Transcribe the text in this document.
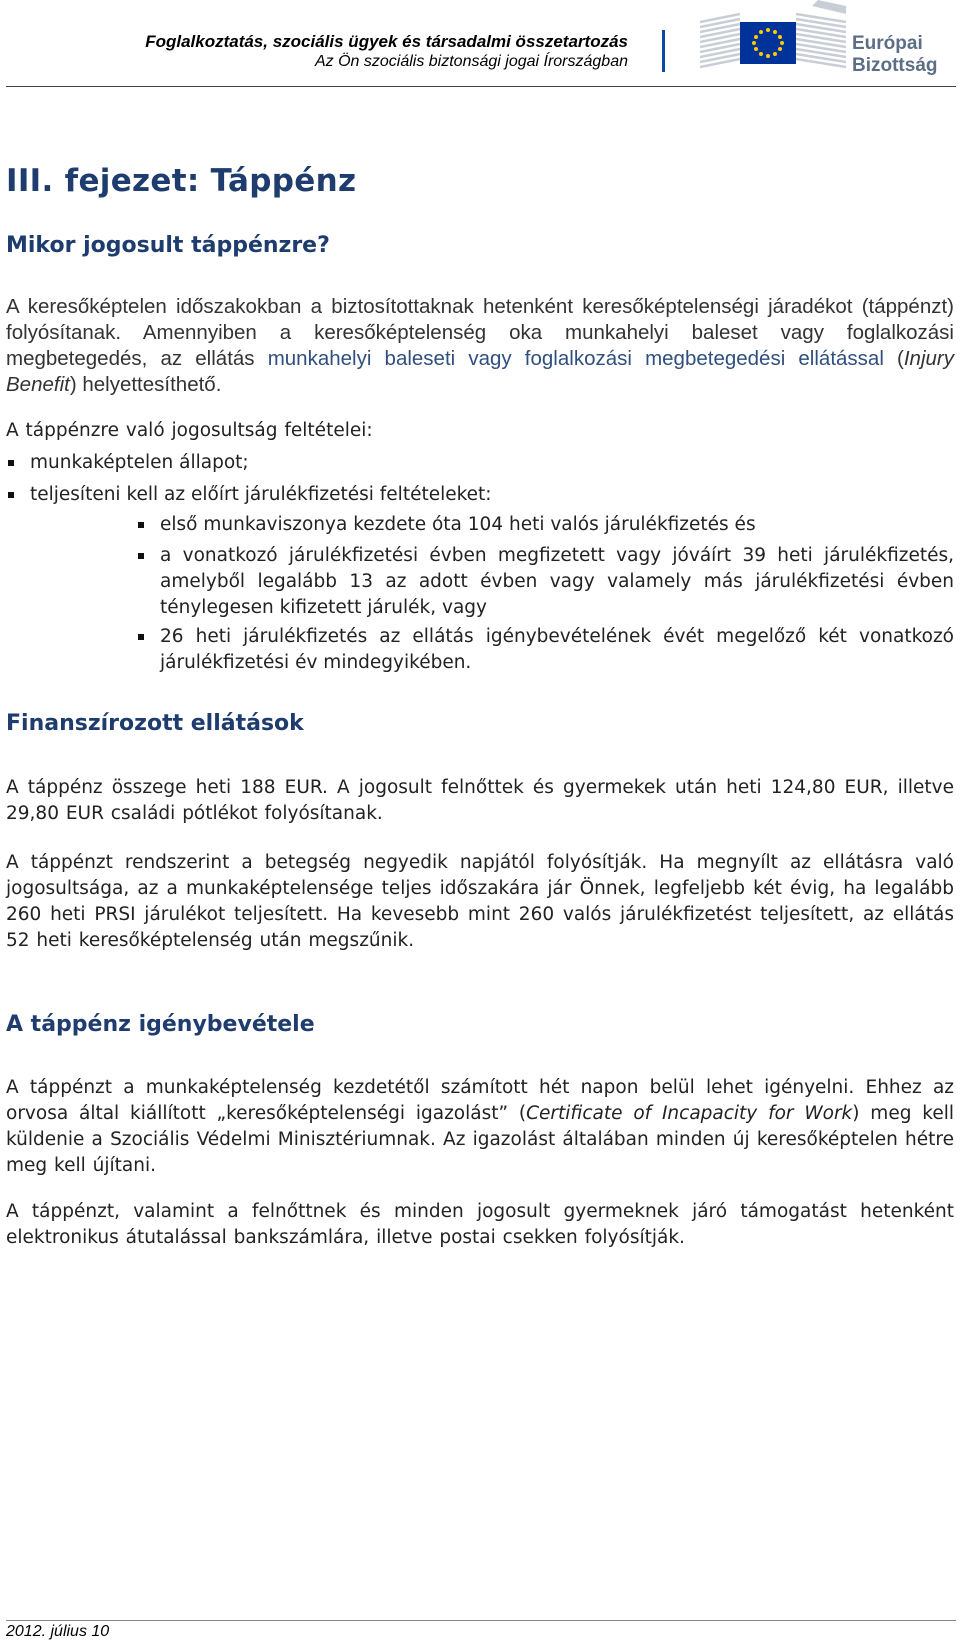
Foglalkoztatás, szociális ügyek és társadalmi összetartozás
Az Ön szociális biztonsági jogai Írországban
Európai
Bizottság
III. fejezet: Táppénz
Mikor jogosult táppénzre?

A keresőképtelen időszakokban a biztosítottaknak hetenként keresőképtelenségi járadékot (táppénzt) folyósítanak. Amennyiben a keresőképtelenség oka munkahelyi baleset vagy foglalkozási megbetegedés, az ellátás munkahelyi baleseti vagy foglalkozási megbetegedési ellátással (Injury Benefit) helyettesíthető.

A táppénzre való jogosultság feltételei:

munkaképtelen állapot;

teljesíteni kell az előírt járulékfizetési feltételeket:

első munkaviszonya kezdete óta 104 heti valós járulékfizetés és

a vonatkozó járulékfizetési évben megfizetett vagy jóváírt 39 heti járulékfizetés, amelyből legalább 13 az adott évben vagy valamely más járulékfizetési évben ténylegesen kifizetett járulék, vagy

26 heti járulékfizetés az ellátás igénybevételének évét megelőző két vonatkozó járulékfizetési év mindegyikében.

Finanszírozott ellátások

A táppénz összege heti 188 EUR. A jogosult felnőttek és gyermekek után heti 124,80 EUR, illetve 29,80 EUR családi pótlékot folyósítanak.

A táppénzt rendszerint a betegség negyedik napjától folyósítják. Ha megnyílt az ellátásra való jogosultsága, az a munkaképtelensége teljes időszakára jár Önnek, legfeljebb két évig, ha legalább 260 heti PRSI járulékot teljesített. Ha kevesebb mint 260 valós járulékfizetést teljesített, az ellátás 52 heti keresőképtelenség után megszűnik.

A táppénz igénybevétele

A táppénzt a munkaképtelenség kezdetétől számított hét napon belül lehet igényelni. Ehhez az orvosa által kiállított „keresőképtelenségi igazolást” (Certificate of Incapacity for Work) meg kell küldenie a Szociális Védelmi Minisztériumnak. Az igazolást általában minden új keresőképtelen hétre meg kell újítani.

A táppénzt, valamint a felnőttnek és minden jogosult gyermeknek járó támogatást hetenként elektronikus átutalással bankszámlára, illetve postai csekken folyósítják.

2012. július 10
